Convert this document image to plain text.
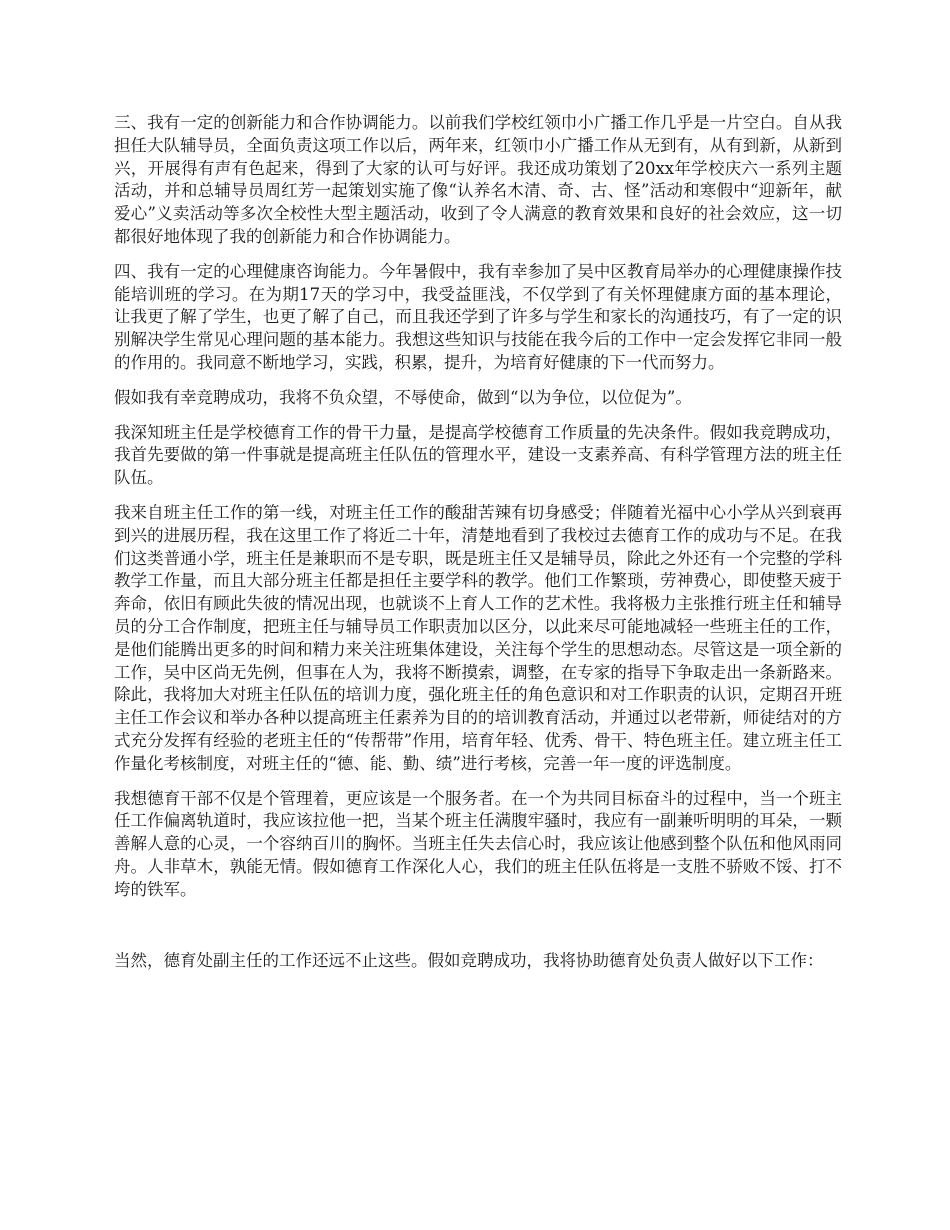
三、我有一定的创新能力和合作协调能力。以前我们学校红领巾小广播工作几乎是一片空白。自从我担任大队辅导员，全面负责这项工作以后，两年来，红领巾小广播工作从无到有，从有到新，从新到兴，开展得有声有色起来，得到了大家的认可与好评。我还成功策划了20xx年学校庆六一系列主题活动，并和总辅导员周红芳一起策划实施了像“认养名木清、奇、古、怪”活动和寒假中“迎新年，献爱心”义卖活动等多次全校性大型主题活动，收到了令人满意的教育效果和良好的社会效应，这一切都很好地体现了我的创新能力和合作协调能力。

四、我有一定的心理健康咨询能力。今年暑假中，我有幸参加了吴中区教育局举办的心理健康操作技能培训班的学习。在为期17天的学习中，我受益匪浅，不仅学到了有关怀理健康方面的基本理论，让我更了解了学生，也更了解了自己，而且我还学到了许多与学生和家长的沟通技巧，有了一定的识别解决学生常见心理问题的基本能力。我想这些知识与技能在我今后的工作中一定会发挥它非同一般的作用的。我同意不断地学习，实践，积累，提升，为培育好健康的下一代而努力。

假如我有幸竞聘成功，我将不负众望，不辱使命，做到“以为争位，以位促为”。

我深知班主任是学校德育工作的骨干力量，是提高学校德育工作质量的先决条件。假如我竞聘成功，我首先要做的第一件事就是提高班主任队伍的管理水平，建设一支素养高、有科学管理方法的班主任队伍。

我来自班主任工作的第一线，对班主任工作的酸甜苦辣有切身感受；伴随着光福中心小学从兴到衰再到兴的进展历程，我在这里工作了将近二十年，清楚地看到了我校过去德育工作的成功与不足。在我们这类普通小学，班主任是兼职而不是专职，既是班主任又是辅导员，除此之外还有一个完整的学科教学工作量，而且大部分班主任都是担任主要学科的教学。他们工作繁琐，劳神费心，即使整天疲于奔命，依旧有顾此失彼的情况出现，也就谈不上育人工作的艺术性。我将极力主张推行班主任和辅导员的分工合作制度，把班主任与辅导员工作职责加以区分，以此来尽可能地减轻一些班主任的工作，是他们能腾出更多的时间和精力来关注班集体建设，关注每个学生的思想动态。尽管这是一项全新的工作，吴中区尚无先例，但事在人为，我将不断摸索，调整，在专家的指导下争取走出一条新路来。除此，我将加大对班主任队伍的培训力度，强化班主任的角色意识和对工作职责的认识，定期召开班主任工作会议和举办各种以提高班主任素养为目的的培训教育活动，并通过以老带新，师徒结对的方式充分发挥有经验的老班主任的“传帮带”作用，培育年轻、优秀、骨干、特色班主任。建立班主任工作量化考核制度，对班主任的“德、能、勤、绩”进行考核，完善一年一度的评选制度。

我想德育干部不仅是个管理着，更应该是一个服务者。在一个为共同目标奋斗的过程中，当一个班主任工作偏离轨道时，我应该拉他一把，当某个班主任满腹牢骚时，我应有一副兼听明明的耳朵，一颗善解人意的心灵，一个容纳百川的胸怀。当班主任失去信心时，我应该让他感到整个队伍和他风雨同舟。人非草木，孰能无情。假如德育工作深化人心，我们的班主任队伍将是一支胜不骄败不馁、打不垮的铁军。

当然，德育处副主任的工作还远不止这些。假如竞聘成功，我将协助德育处负责人做好以下工作：
